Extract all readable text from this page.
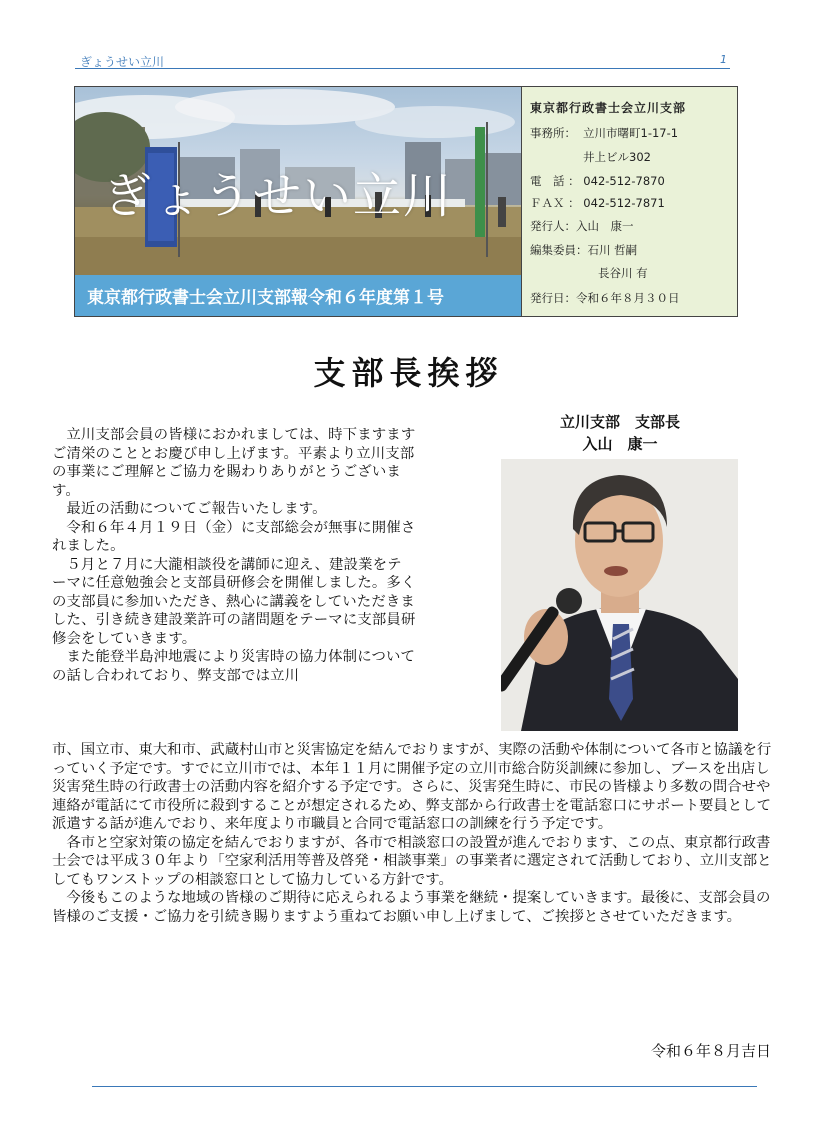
ぎょうせい立川	1
ぎょうせい立川
東京都行政書士会立川支部報令和６年度第１号
東京都行政書士会立川支部
事務所： 立川市曙町1-17-1
井上ビル302
電　話 ： 042-512-7870
ＦＡＸ ： 042-512-7871
発行人：入山　康一
編集委員：石川 哲嗣
長谷川 有
発行日：令和６年８月３０日
支部長挨拶
立川支部　支部長
入山　康一

立川支部会員の皆様におかれましては、時下ますますご清栄のこととお慶び申し上げます。平素より立川支部の事業にご理解とご協力を賜わりありがとうございます。

最近の活動についてご報告いたします。

令和６年４月１９日（金）に支部総会が無事に開催されました。

５月と７月に大瀧相談役を講師に迎え、建設業をテーマに任意勉強会と支部員研修会を開催しました。多くの支部員に参加いただき、熱心に講義をしていただきました、引き続き建設業許可の諸問題をテーマに支部員研修会をしていきます。

また能登半島沖地震により災害時の協力体制についての話し合われており、弊支部では立川

市、国立市、東大和市、武蔵村山市と災害協定を結んでおりますが、実際の活動や体制について各市と協議を行っていく予定です。すでに立川市では、本年１１月に開催予定の立川市総合防災訓練に参加し、ブースを出店し災害発生時の行政書士の活動内容を紹介する予定です。さらに、災害発生時に、市民の皆様より多数の問合せや連絡が電話にて市役所に殺到することが想定されるため、弊支部から行政書士を電話窓口にサポート要員として派遣する話が進んでおり、来年度より市職員と合同で電話窓口の訓練を行う予定です。

各市と空家対策の協定を結んでおりますが、各市で相談窓口の設置が進んでおります、この点、東京都行政書士会では平成３０年より「空家利活用等普及啓発・相談事業」の事業者に選定されて活動しており、立川支部としてもワンストップの相談窓口として協力している方針です。

今後もこのような地域の皆様のご期待に応えられるよう事業を継続・提案していきます。最後に、支部会員の皆様のご支援・ご協力を引続き賜りますよう重ねてお願い申し上げまして、ご挨拶とさせていただきます。

令和６年８月吉日
